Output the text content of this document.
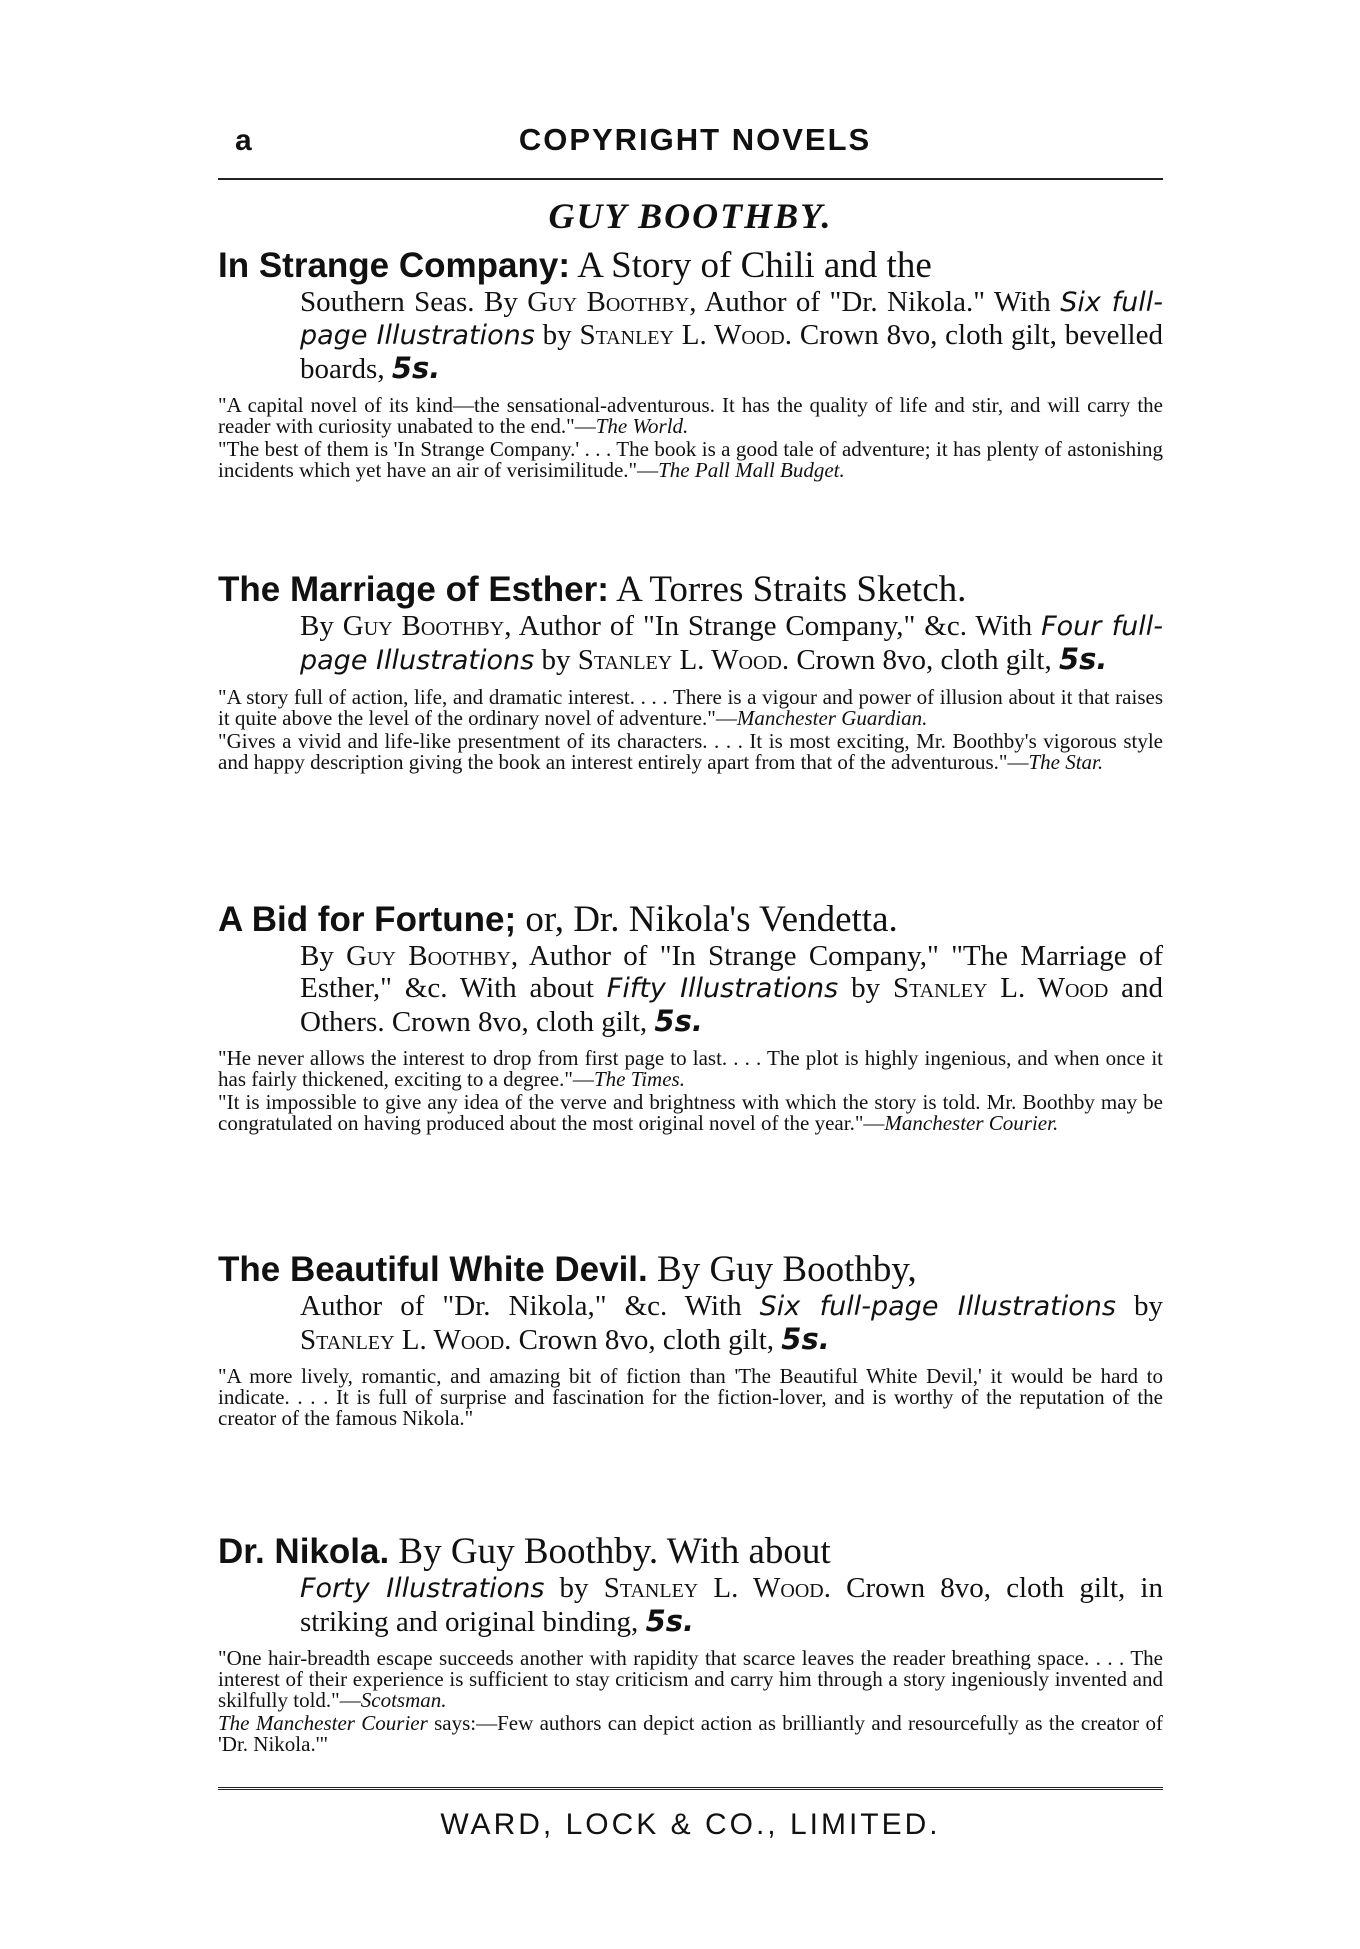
a	COPYRIGHT NOVELS
GUY BOOTHBY.

In Strange Company: A Story of Chili and the

Southern Seas. By Guy Boothby, Author of "Dr. Nikola." With Six full-page Illustrations by Stanley L. Wood. Crown 8vo, cloth gilt, bevelled boards, 5s.

"A capital novel of its kind—the sensational-adventurous. It has the quality of life and stir, and will carry the reader with curiosity unabated to the end."—The World.

"The best of them is 'In Strange Company.' . . . The book is a good tale of adventure; it has plenty of astonishing incidents which yet have an air of verisimilitude."—The Pall Mall Budget.

The Marriage of Esther: A Torres Straits Sketch.

By Guy Boothby, Author of "In Strange Company," &c. With Four full-page Illustrations by Stanley L. Wood. Crown 8vo, cloth gilt, 5s.

"A story full of action, life, and dramatic interest. . . . There is a vigour and power of illusion about it that raises it quite above the level of the ordinary novel of adventure."—Manchester Guardian.

"Gives a vivid and life-like presentment of its characters. . . . It is most exciting, Mr. Boothby's vigorous style and happy description giving the book an interest entirely apart from that of the adventurous."—The Star.

A Bid for Fortune; or, Dr. Nikola's Vendetta.

By Guy Boothby, Author of "In Strange Company," "The Marriage of Esther," &c. With about Fifty Illustrations by Stanley L. Wood and Others. Crown 8vo, cloth gilt, 5s.

"He never allows the interest to drop from first page to last. . . . The plot is highly ingenious, and when once it has fairly thickened, exciting to a degree."—The Times.

"It is impossible to give any idea of the verve and brightness with which the story is told. Mr. Boothby may be congratulated on having produced about the most original novel of the year."—Manchester Courier.

The Beautiful White Devil. By Guy Boothby,

Author of "Dr. Nikola," &c. With Six full-page Illustrations by Stanley L. Wood. Crown 8vo, cloth gilt, 5s.

"A more lively, romantic, and amazing bit of fiction than 'The Beautiful White Devil,' it would be hard to indicate. . . . It is full of surprise and fascination for the fiction-lover, and is worthy of the reputation of the creator of the famous Nikola."

Dr. Nikola. By Guy Boothby. With about

Forty Illustrations by Stanley L. Wood. Crown 8vo, cloth gilt, in striking and original binding, 5s.

"One hair-breadth escape succeeds another with rapidity that scarce leaves the reader breathing space. . . . The interest of their experience is sufficient to stay criticism and carry him through a story ingeniously invented and skilfully told."—Scotsman.

The Manchester Courier says:—Few authors can depict action as brilliantly and resourcefully as the creator of 'Dr. Nikola.'"

WARD, LOCK & CO., LIMITED.
